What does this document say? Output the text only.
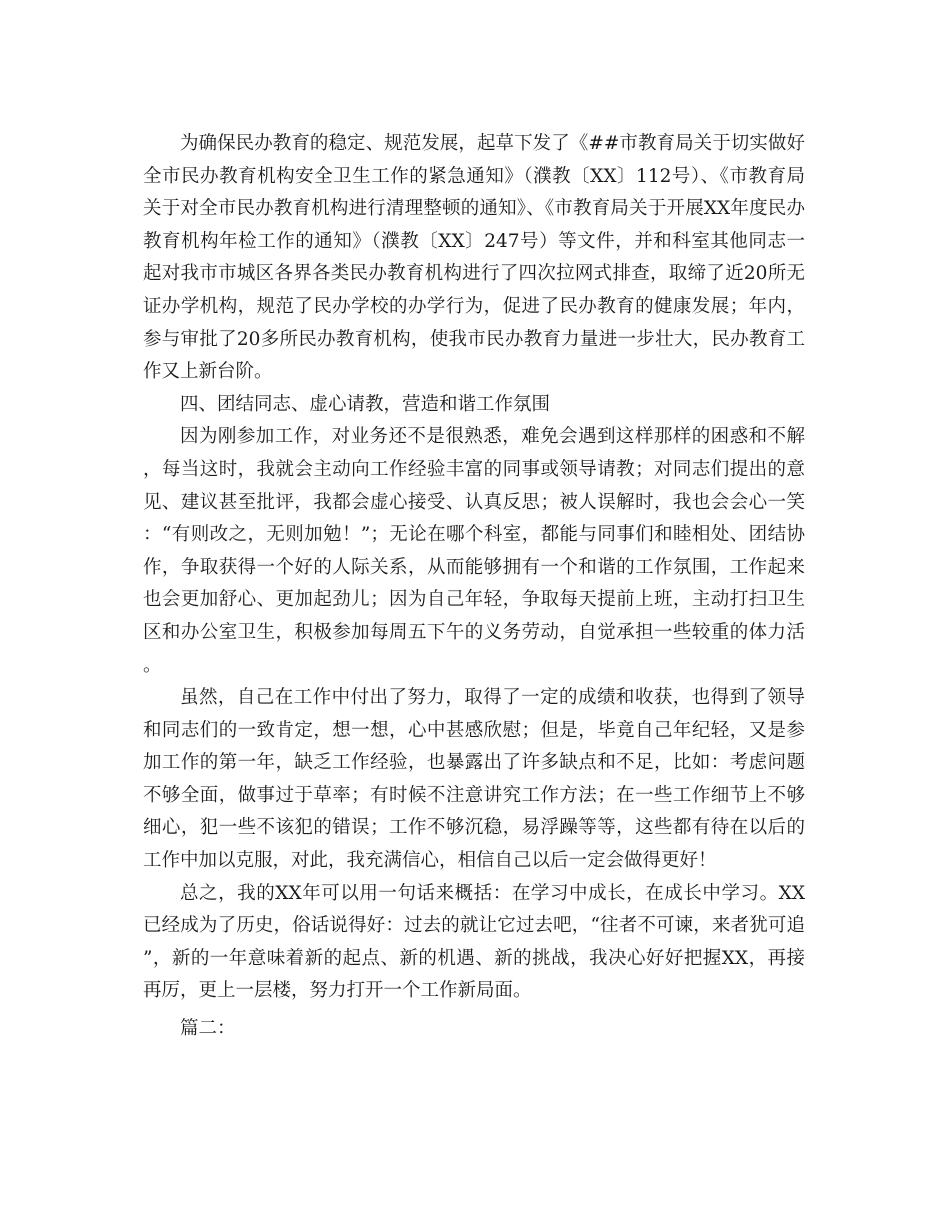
为确保民办教育的稳定、规范发展，起草下发了《##市教育局关于切实做好全市民办教育机构安全卫生工作的紧急通知》（濮教〔XX〕112号）、《市教育局关于对全市民办教育机构进行清理整顿的通知》、《市教育局关于开展XX年度民办教育机构年检工作的通知》（濮教〔XX〕247号）等文件，并和科室其他同志一起对我市市城区各界各类民办教育机构进行了四次拉网式排查，取缔了近20所无证办学机构，规范了民办学校的办学行为，促进了民办教育的健康发展；年内，参与审批了20多所民办教育机构，使我市民办教育力量进一步壮大，民办教育工作又上新台阶。

四、团结同志、虚心请教，营造和谐工作氛围

因为刚参加工作，对业务还不是很熟悉，难免会遇到这样那样的困惑和不解，每当这时，我就会主动向工作经验丰富的同事或领导请教；对同志们提出的意见、建议甚至批评，我都会虚心接受、认真反思；被人误解时，我也会会心一笑：“有则改之，无则加勉！”；无论在哪个科室，都能与同事们和睦相处、团结协作，争取获得一个好的人际关系，从而能够拥有一个和谐的工作氛围，工作起来也会更加舒心、更加起劲儿；因为自己年轻，争取每天提前上班，主动打扫卫生区和办公室卫生，积极参加每周五下午的义务劳动，自觉承担一些较重的体力活。

虽然，自己在工作中付出了努力，取得了一定的成绩和收获，也得到了领导和同志们的一致肯定，想一想，心中甚感欣慰；但是，毕竟自己年纪轻，又是参加工作的第一年，缺乏工作经验，也暴露出了许多缺点和不足，比如：考虑问题不够全面，做事过于草率；有时候不注意讲究工作方法；在一些工作细节上不够细心，犯一些不该犯的错误；工作不够沉稳，易浮躁等等，这些都有待在以后的工作中加以克服，对此，我充满信心，相信自己以后一定会做得更好！

总之，我的XX年可以用一句话来概括：在学习中成长，在成长中学习。XX已经成为了历史，俗话说得好：过去的就让它过去吧，“往者不可谏，来者犹可追”，新的一年意味着新的起点、新的机遇、新的挑战，我决心好好把握XX，再接再厉，更上一层楼，努力打开一个工作新局面。

篇二：
